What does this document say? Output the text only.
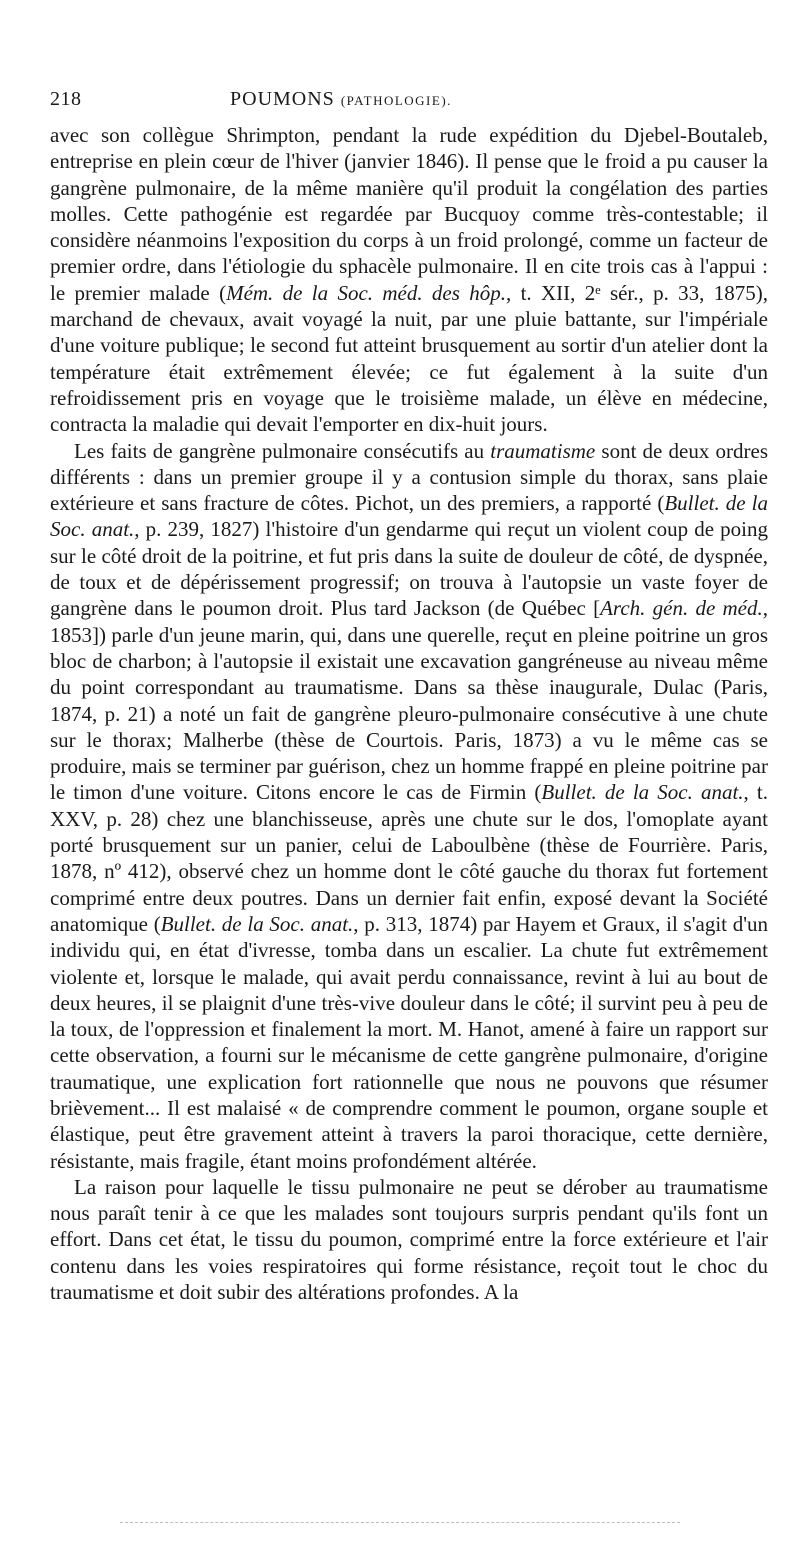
218	POUMONS (PATHOLOGIE).

avec son collègue Shrimpton, pendant la rude expédition du Djebel-Boutaleb, entreprise en plein cœur de l'hiver (janvier 1846). Il pense que le froid a pu causer la gangrène pulmonaire, de la même manière qu'il produit la congélation des parties molles. Cette pathogénie est regardée par Bucquoy comme très-contestable; il considère néanmoins l'exposition du corps à un froid prolongé, comme un facteur de premier ordre, dans l'étiologie du sphacèle pulmonaire. Il en cite trois cas à l'appui : le premier malade (Mém. de la Soc. méd. des hôp., t. XII, 2ᵉ sér., p. 33, 1875), marchand de chevaux, avait voyagé la nuit, par une pluie battante, sur l'impériale d'une voiture publique; le second fut atteint brusquement au sortir d'un atelier dont la température était extrêmement élevée; ce fut également à la suite d'un refroidissement pris en voyage que le troisième malade, un élève en médecine, contracta la maladie qui devait l'emporter en dix-huit jours.

Les faits de gangrène pulmonaire consécutifs au traumatisme sont de deux ordres différents : dans un premier groupe il y a contusion simple du thorax, sans plaie extérieure et sans fracture de côtes. Pichot, un des premiers, a rapporté (Bullet. de la Soc. anat., p. 239, 1827) l'histoire d'un gendarme qui reçut un violent coup de poing sur le côté droit de la poitrine, et fut pris dans la suite de douleur de côté, de dyspnée, de toux et de dépérissement progressif; on trouva à l'autopsie un vaste foyer de gangrène dans le poumon droit. Plus tard Jackson (de Québec [Arch. gén. de méd., 1853]) parle d'un jeune marin, qui, dans une querelle, reçut en pleine poitrine un gros bloc de charbon; à l'autopsie il existait une excavation gangréneuse au niveau même du point correspondant au traumatisme. Dans sa thèse inaugurale, Dulac (Paris, 1874, p. 21) a noté un fait de gangrène pleuro-pulmonaire consécutive à une chute sur le thorax; Malherbe (thèse de Courtois. Paris, 1873) a vu le même cas se produire, mais se terminer par guérison, chez un homme frappé en pleine poitrine par le timon d'une voiture. Citons encore le cas de Firmin (Bullet. de la Soc. anat., t. XXV, p. 28) chez une blanchisseuse, après une chute sur le dos, l'omoplate ayant porté brusquement sur un panier, celui de Laboulbène (thèse de Fourrière. Paris, 1878, nº 412), observé chez un homme dont le côté gauche du thorax fut fortement comprimé entre deux poutres. Dans un dernier fait enfin, exposé devant la Société anatomique (Bullet. de la Soc. anat., p. 313, 1874) par Hayem et Graux, il s'agit d'un individu qui, en état d'ivresse, tomba dans un escalier. La chute fut extrêmement violente et, lorsque le malade, qui avait perdu connaissance, revint à lui au bout de deux heures, il se plaignit d'une très-vive douleur dans le côté; il survint peu à peu de la toux, de l'oppression et finalement la mort. M. Hanot, amené à faire un rapport sur cette observation, a fourni sur le mécanisme de cette gangrène pulmonaire, d'origine traumatique, une explication fort rationnelle que nous ne pouvons que résumer brièvement... Il est malaisé « de comprendre comment le poumon, organe souple et élastique, peut être gravement atteint à travers la paroi thoracique, cette dernière, résistante, mais fragile, étant moins profondément altérée.

La raison pour laquelle le tissu pulmonaire ne peut se dérober au traumatisme nous paraît tenir à ce que les malades sont toujours surpris pendant qu'ils font un effort. Dans cet état, le tissu du poumon, comprimé entre la force extérieure et l'air contenu dans les voies respiratoires qui forme résistance, reçoit tout le choc du traumatisme et doit subir des altérations profondes. A la
